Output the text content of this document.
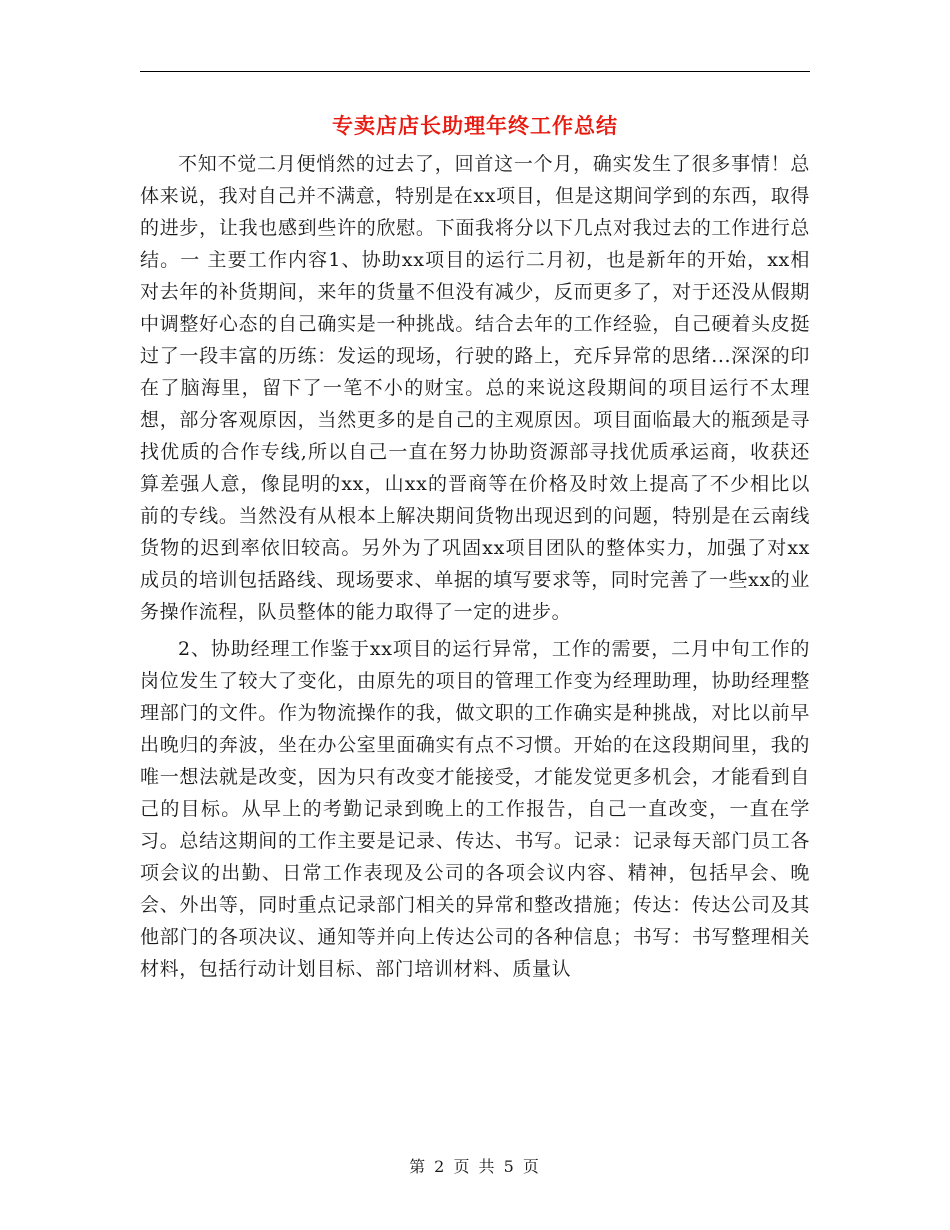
专卖店店长助理年终工作总结

不知不觉二月便悄然的过去了，回首这一个月，确实发生了很多事情！总体来说，我对自己并不满意，特别是在xx项目，但是这期间学到的东西，取得的进步，让我也感到些许的欣慰。下面我将分以下几点对我过去的工作进行总结。一 主要工作内容1、协助xx项目的运行二月初，也是新年的开始，xx相对去年的补货期间，来年的货量不但没有减少，反而更多了，对于还没从假期中调整好心态的自己确实是一种挑战。结合去年的工作经验，自己硬着头皮挺过了一段丰富的历练：发运的现场，行驶的路上，充斥异常的思绪...深深的印在了脑海里，留下了一笔不小的财宝。总的来说这段期间的项目运行不太理想，部分客观原因，当然更多的是自己的主观原因。项目面临最大的瓶颈是寻找优质的合作专线,所以自己一直在努力协助资源部寻找优质承运商，收获还算差强人意，像昆明的xx，山xx的晋商等在价格及时效上提高了不少相比以前的专线。当然没有从根本上解决期间货物出现迟到的问题，特别是在云南线货物的迟到率依旧较高。另外为了巩固xx项目团队的整体实力，加强了对xx成员的培训包括路线、现场要求、单据的填写要求等，同时完善了一些xx的业务操作流程，队员整体的能力取得了一定的进步。

2、协助经理工作鉴于xx项目的运行异常，工作的需要，二月中旬工作的岗位发生了较大了变化，由原先的项目的管理工作变为经理助理，协助经理整理部门的文件。作为物流操作的我，做文职的工作确实是种挑战，对比以前早出晚归的奔波，坐在办公室里面确实有点不习惯。开始的在这段期间里，我的唯一想法就是改变，因为只有改变才能接受，才能发觉更多机会，才能看到自己的目标。从早上的考勤记录到晚上的工作报告，自己一直改变，一直在学习。总结这期间的工作主要是记录、传达、书写。记录：记录每天部门员工各项会议的出勤、日常工作表现及公司的各项会议内容、精神，包括早会、晚会、外出等，同时重点记录部门相关的异常和整改措施；传达：传达公司及其他部门的各项决议、通知等并向上传达公司的各种信息；书写：书写整理相关材料，包括行动计划目标、部门培训材料、质量认

第 2 页 共 5 页
